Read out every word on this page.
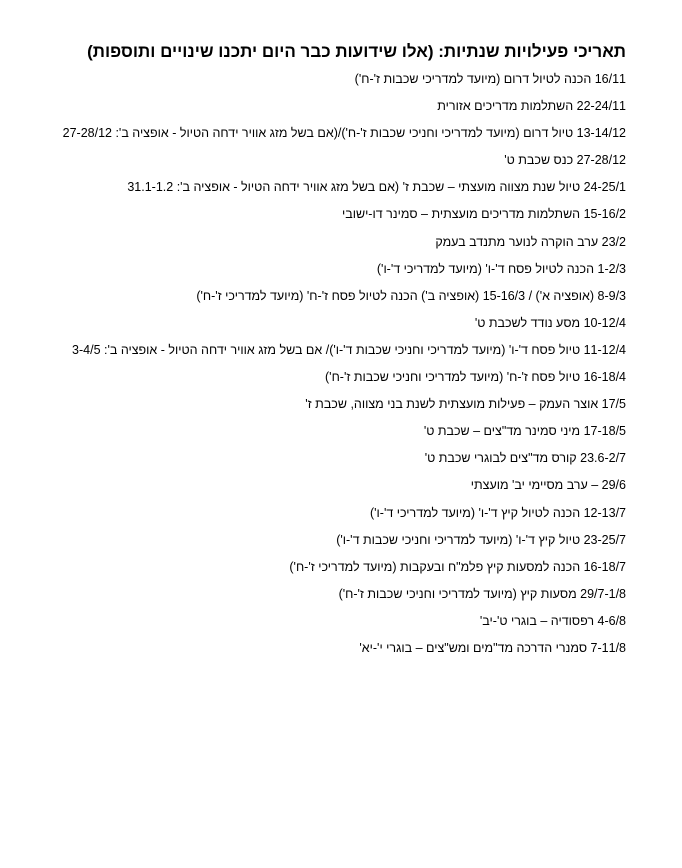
תאריכי פעילויות שנתיות: (אלו שידועות כבר היום יתכנו שינויים ותוספות)
16/11 הכנה לטיול דרום (מיועד למדריכי שכבות ז'-ח')
22-24/11 השתלמות מדריכים אזורית
13-14/12 טיול דרום (מיועד למדריכי וחניכי שכבות ז'-ח')/(אם בשל מזג אוויר ידחה הטיול - אופציה ב': 27-28/12
27-28/12 כנס שכבת ט'
24-25/1 טיול שנת מצווה מועצתי – שכבת ז' (אם בשל מזג אוויר ידחה הטיול - אופציה ב': 31.1-1.2
15-16/2 השתלמות מדריכים מועצתית – סמינר דו-ישובי
23/2 ערב הוקרה לנוער מתנדב בעמק
1-2/3 הכנה לטיול פסח ד'-ו' (מיועד למדריכי ד'-ו')
8-9/3 (אופציה א') / 15-16/3 (אופציה ב') הכנה לטיול פסח ז'-ח' (מיועד למדריכי ז'-ח')
10-12/4 מסע נודד לשכבת ט'
11-12/4 טיול פסח ד'-ו' (מיועד למדריכי וחניכי שכבות ד'-ו')/ אם בשל מזג אוויר ידחה הטיול - אופציה ב': 3-4/5
16-18/4 טיול פסח ז'-ח' (מיועד למדריכי וחניכי שכבות ז'-ח')
17/5 אוצר העמק – פעילות מועצתית לשנת בני מצווה, שכבת ז'
17-18/5 מיני סמינר מד"צים – שכבת ט'
23.6-2/7 קורס מד"צים לבוגרי שכבת ט'
29/6 – ערב מסיימי יב' מועצתי
12-13/7 הכנה לטיול קיץ ד'-ו' (מיועד למדריכי ד'-ו')
23-25/7 טיול קיץ ד'-ו' (מיועד למדריכי וחניכי שכבות ד'-ו')
16-18/7 הכנה למסעות קיץ פלמ"ח ובעקבות (מיועד למדריכי ז'-ח')
29/7-1/8 מסעות קיץ (מיועד למדריכי וחניכי שכבות ז'-ח')
4-6/8 רפסודיה – בוגרי ט'-יב'
7-11/8 סמנרי הדרכה מד"מים ומש"צים – בוגרי י'-יא'
